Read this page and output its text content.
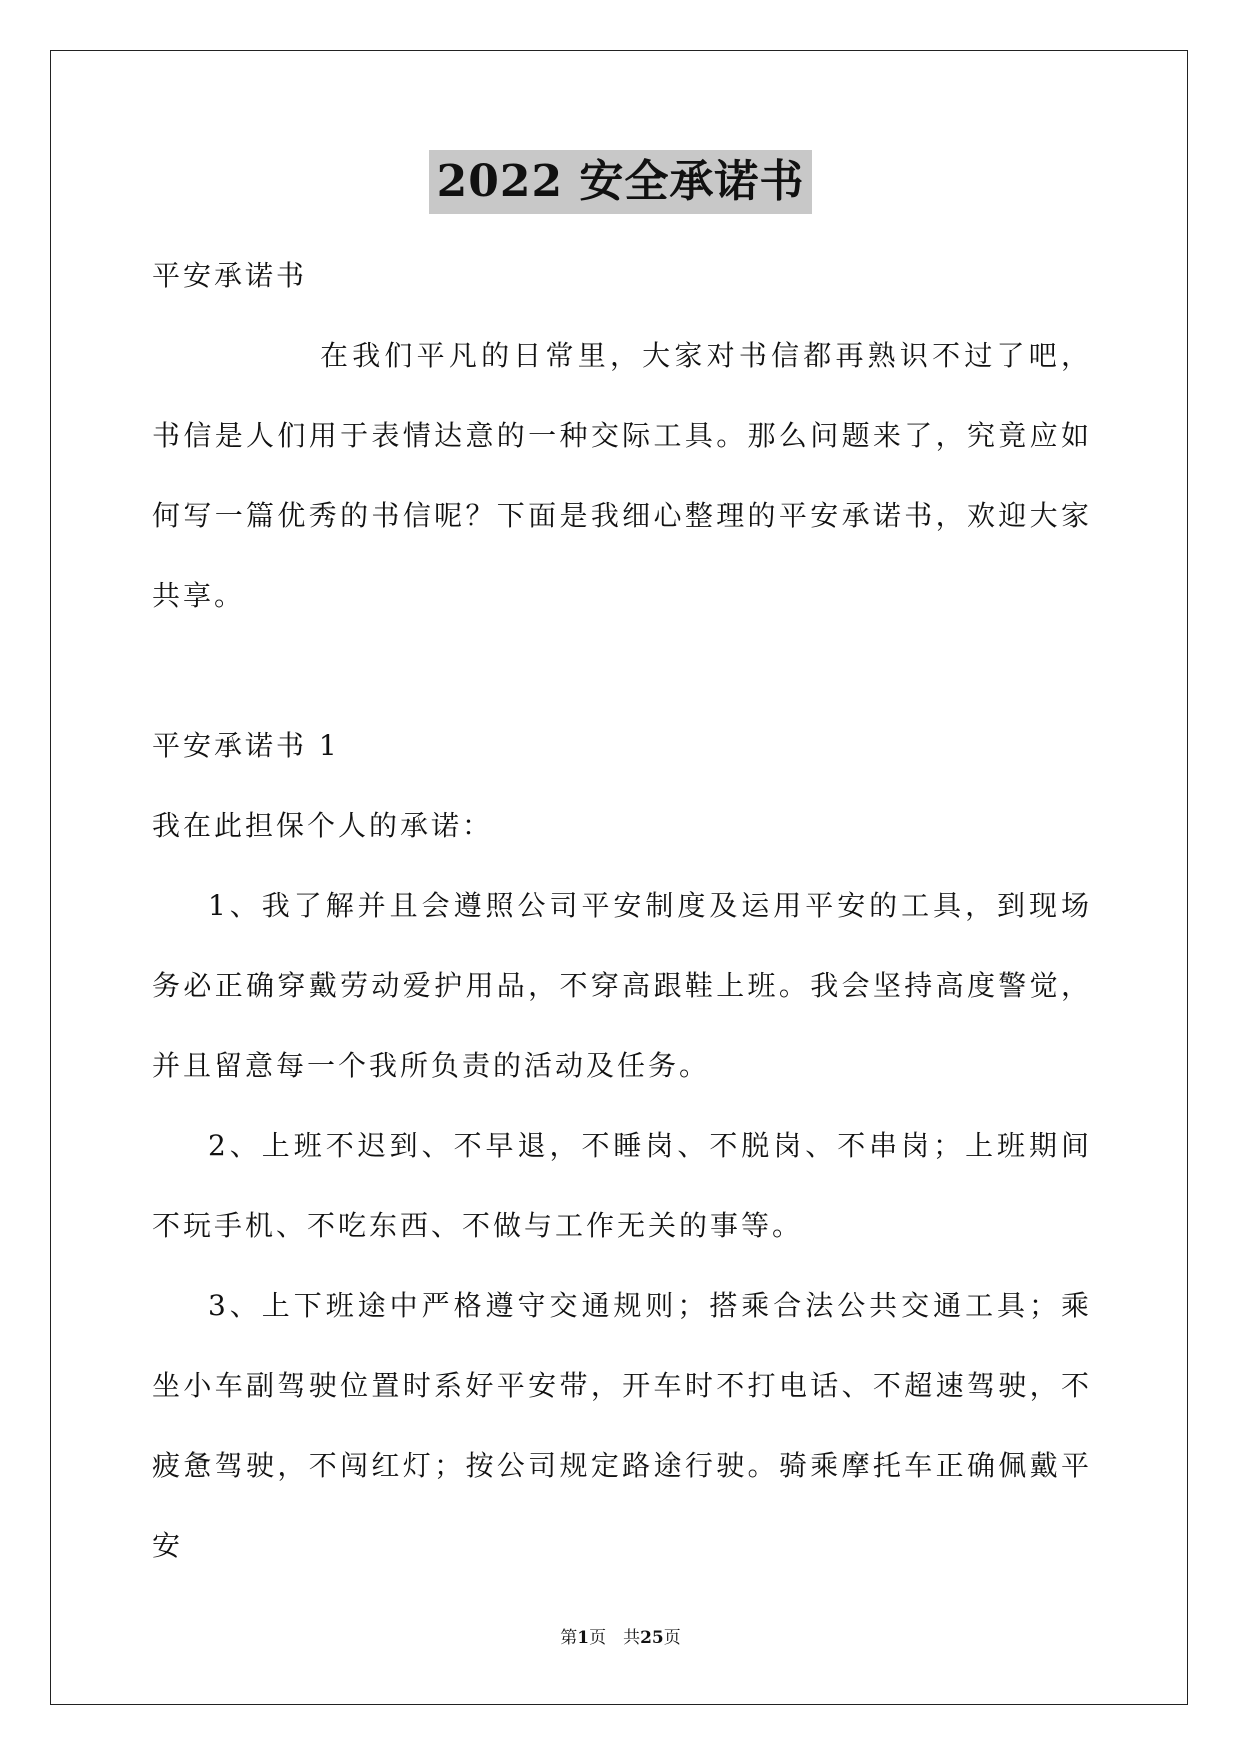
2022 安全承诺书

平安承诺书

在我们平凡的日常里，大家对书信都再熟识不过了吧，书信是人们用于表情达意的一种交际工具。那么问题来了，究竟应如何写一篇优秀的书信呢？下面是我细心整理的平安承诺书，欢迎大家共享。

平安承诺书 1

我在此担保个人的承诺：

1、我了解并且会遵照公司平安制度及运用平安的工具，到现场务必正确穿戴劳动爱护用品，不穿高跟鞋上班。我会坚持高度警觉，并且留意每一个我所负责的活动及任务。

2、上班不迟到、不早退，不睡岗、不脱岗、不串岗；上班期间不玩手机、不吃东西、不做与工作无关的事等。

3、上下班途中严格遵守交通规则；搭乘合法公共交通工具；乘坐小车副驾驶位置时系好平安带，开车时不打电话、不超速驾驶，不疲惫驾驶，不闯红灯；按公司规定路途行驶。骑乘摩托车正确佩戴平安

第1页　共25页
